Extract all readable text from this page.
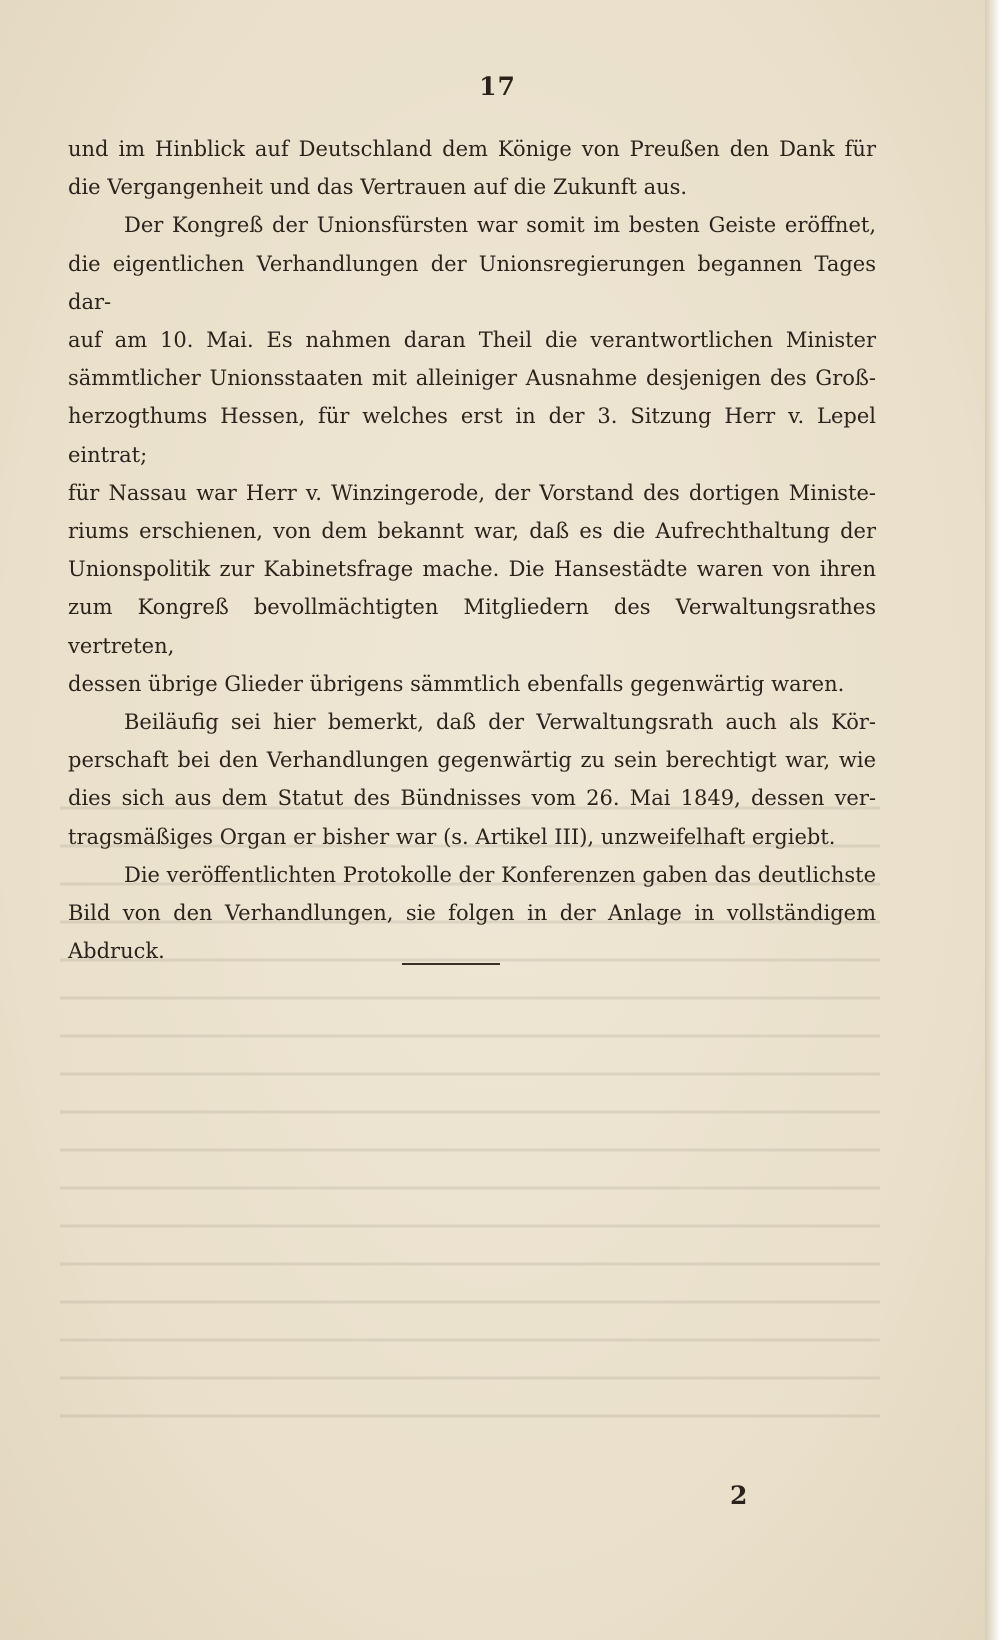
17
und im Hinblick auf Deutschland dem Könige von Preußen den Dank für
die Vergangenheit und das Vertrauen auf die Zukunft aus.
Der Kongreß der Unionsfürsten war somit im besten Geiste eröffnet,
die eigentlichen Verhandlungen der Unionsregierungen begannen Tages dar-
auf am 10. Mai. Es nahmen daran Theil die verantwortlichen Minister
sämmtlicher Unionsstaaten mit alleiniger Ausnahme desjenigen des Groß-
herzogthums Hessen, für welches erst in der 3. Sitzung Herr v. Lepel eintrat;
für Nassau war Herr v. Winzingerode, der Vorstand des dortigen Ministe-
riums erschienen, von dem bekannt war, daß es die Aufrechthaltung der
Unionspolitik zur Kabinetsfrage mache. Die Hansestädte waren von ihren
zum Kongreß bevollmächtigten Mitgliedern des Verwaltungsrathes vertreten,
dessen übrige Glieder übrigens sämmtlich ebenfalls gegenwärtig waren.
Beiläufig sei hier bemerkt, daß der Verwaltungsrath auch als Kör-
perschaft bei den Verhandlungen gegenwärtig zu sein berechtigt war, wie
dies sich aus dem Statut des Bündnisses vom 26. Mai 1849, dessen ver-
tragsmäßiges Organ er bisher war (s. Artikel III), unzweifelhaft ergiebt.
Die veröffentlichten Protokolle der Konferenzen gaben das deutlichste
Bild von den Verhandlungen, sie folgen in der Anlage in vollständigem
Abdruck.
2
